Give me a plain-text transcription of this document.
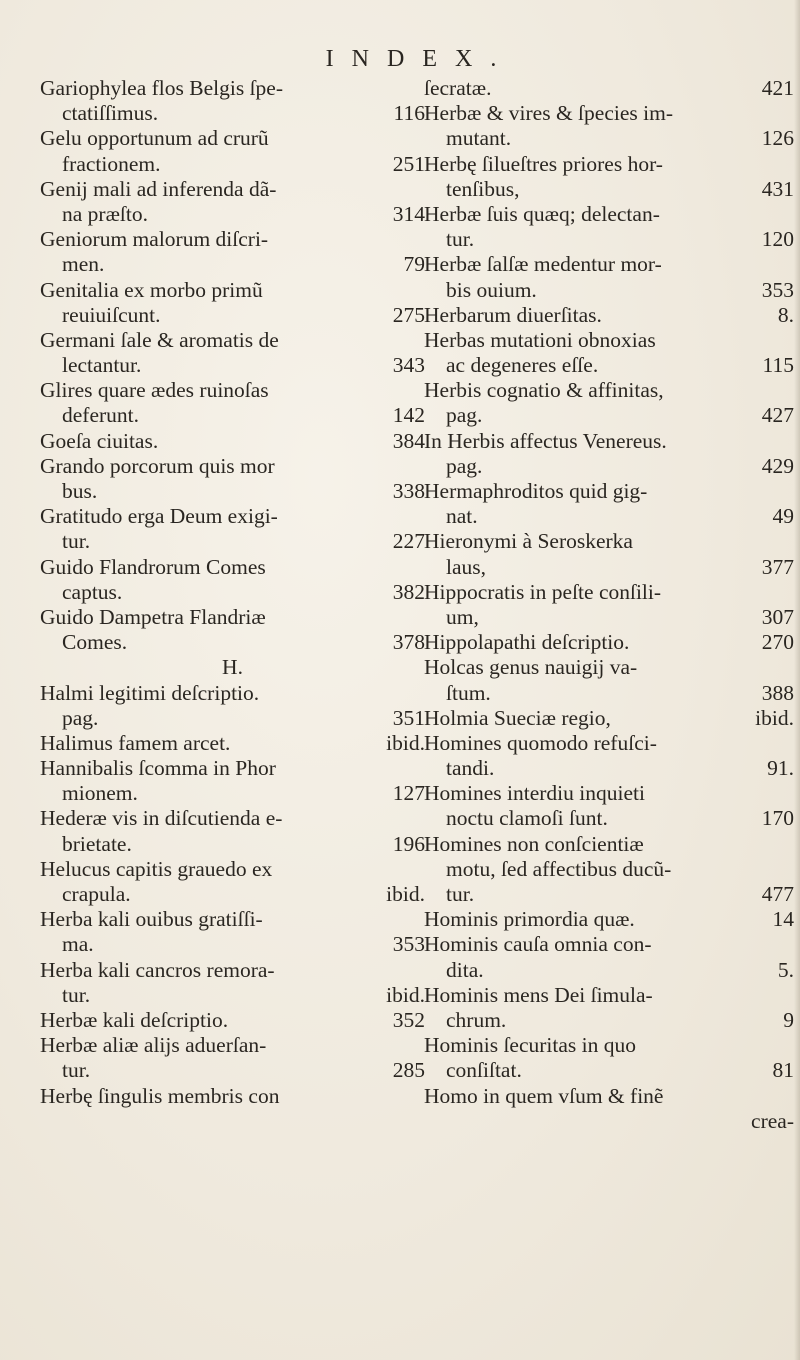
INDEX.
Gariophylea flos Belgis ſpe-
ctatiſſimus.	116
Gelu opportunum ad crurũ
fractionem.	251
Genij mali ad inferenda dã-
na præſto.	314
Geniorum malorum diſcri-
men.	79
Genitalia ex morbo primũ
reuiuiſcunt.	275
Germani ſale & aromatis de
lectantur.	343
Glires quare ædes ruinoſas
deferunt.	142
Goeſa ciuitas.	384
Grando porcorum quis mor
bus.	338
Gratitudo erga Deum exigi-
tur.	227
Guido Flandrorum Comes
captus.	382
Guido Dampetra Flandriæ
Comes.	378
H.
Halmi legitimi deſcriptio.
pag.	351
Halimus famem arcet.	ibid.
Hannibalis ſcomma in Phor
mionem.	127
Hederæ vis in diſcutienda e-
brietate.	196
Helucus capitis grauedo ex
crapula.	ibid.
Herba kali ouibus gratiſſi-
ma.	353
Herba kali cancros remora-
tur.	ibid.
Herbæ kali deſcriptio.	352
Herbæ aliæ alijs aduerſan-
tur.	285
Herbę ſingulis membris con
ſecratæ.	421
Herbæ & vires & ſpecies im-
mutant.	126
Herbę ſilueſtres priores hor-
tenſibus,	431
Herbæ ſuis quæq; delectan-
tur.	120
Herbæ ſalſæ medentur mor-
bis ouium.	353
Herbarum diuerſitas.	8.
Herbas mutationi obnoxias
ac degeneres eſſe.	115
Herbis cognatio & affinitas,
pag.	427
In Herbis affectus Venereus.
pag.	429
Hermaphroditos quid gig-
nat.	49
Hieronymi à Seroskerka
laus,	377
Hippocratis in peſte conſili-
um,	307
Hippolapathi deſcriptio.	270
Holcas genus nauigij va-
ſtum.	388
Holmia Sueciæ regio,	ibid.
Homines quomodo refuſci-
tandi.	91.
Homines interdiu inquieti
noctu clamoſi ſunt.	170
Homines non conſcientiæ
motu, ſed affectibus ducũ-
tur.	477
Hominis primordia quæ.	14
Hominis cauſa omnia con-
dita.	5.
Hominis mens Dei ſimula-
chrum.	9
Hominis ſecuritas in quo
conſiſtat.	81
Homo in quem vſum & finẽ
crea-
